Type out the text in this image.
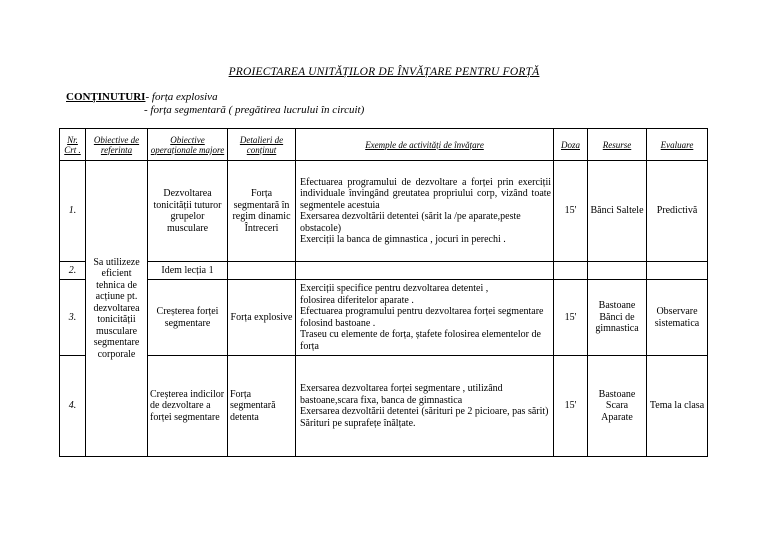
PROIECTAREA UNITĂȚILOR DE ÎNVĂȚARE PENTRU FORȚĂ
CONȚINUTURI- forța explosiva
- forța segmentară ( pregătirea lucrului în circuit)
Nr. Crt .	Obiective de referinta	Obiective operaționale majore	Detalieri de conținut	Exemple de activități de învățare	Doza	Resurse	Evaluare
1.	Sa utilizeze eficient tehnica de acțiune pt. dezvoltarea tonicității musculare segmentare corporale	Dezvoltarea tonicității tuturor grupelor musculare	Forța segmentară în regim dinamic Întreceri	Efectuarea programului de dezvoltare a forței prin exerciții individuale învingând greutatea propriului corp, vizând toate segmentele acestuia
Exersarea dezvoltării detentei (sărit la /pe aparate,peste obstacole)
Exerciții la banca de gimnastica , jocuri in perechi .	15'	Bănci Saltele	Predictivă
2.		Idem lecția 1					
3.		Creșterea forței segmentare	Forța explosive	Exerciții specifice pentru dezvoltarea detentei ,
folosirea diferitelor aparate .
Efectuarea programului pentru dezvoltarea forței segmentare folosind bastoane .
Traseu cu elemente de forța, ștafete folosirea elementelor de forța	15'	Bastoane Bănci de gimnastica	Observare sistematica
4.		Creșterea indicilor de dezvoltare a forței segmentare	Forța segmentară detenta	Exersarea dezvoltarea forței segmentare , utilizând bastoane,scara fixa, banca de gimnastica
Exersarea dezvoltării detentei (sărituri pe 2 picioare, pas sărit)
Sărituri pe suprafețe înălțate.	15'	Bastoane Scara Aparate	Tema la clasa
